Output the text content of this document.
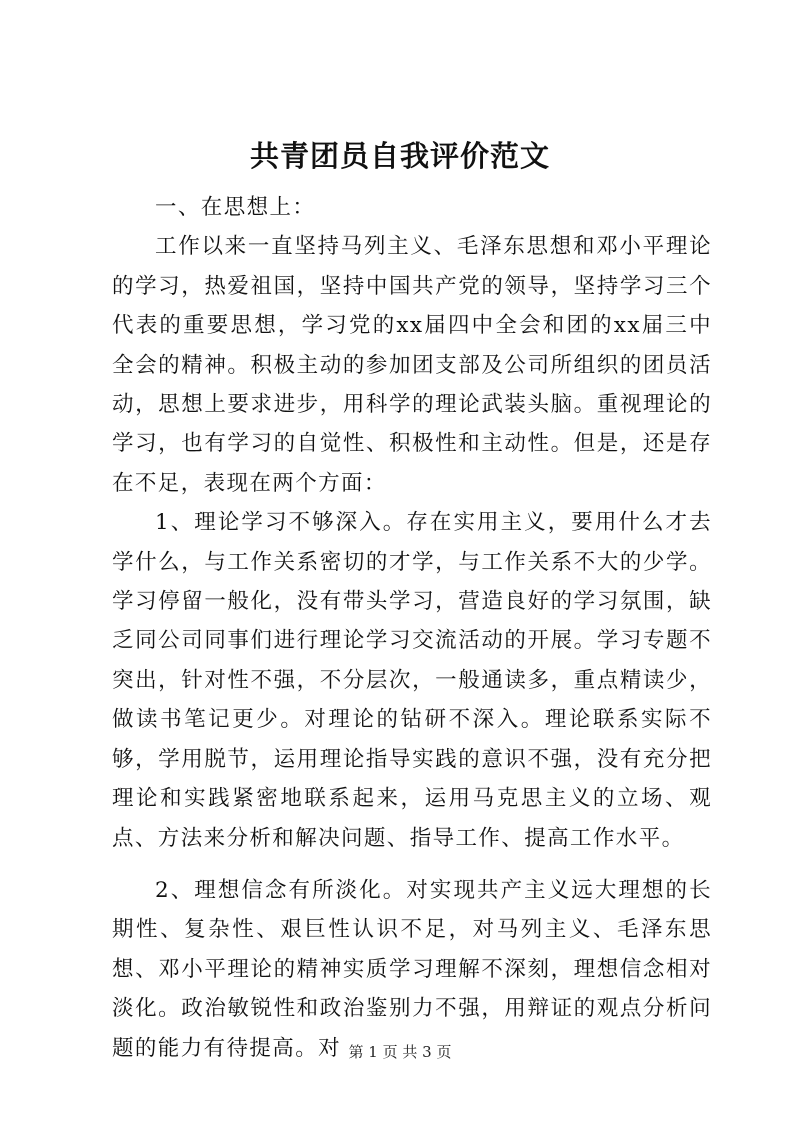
共青团员自我评价范文

一、在思想上：

工作以来一直坚持马列主义、毛泽东思想和邓小平理论的学习，热爱祖国，坚持中国共产党的领导，坚持学习三个代表的重要思想，学习党的xx届四中全会和团的xx届三中全会的精神。积极主动的参加团支部及公司所组织的团员活动，思想上要求进步，用科学的理论武装头脑。重视理论的学习，也有学习的自觉性、积极性和主动性。但是，还是存在不足，表现在两个方面：

1、理论学习不够深入。存在实用主义，要用什么才去学什么，与工作关系密切的才学，与工作关系不大的少学。学习停留一般化，没有带头学习，营造良好的学习氛围，缺乏同公司同事们进行理论学习交流活动的开展。学习专题不突出，针对性不强，不分层次，一般通读多，重点精读少，做读书笔记更少。对理论的钻研不深入。理论联系实际不够，学用脱节，运用理论指导实践的意识不强，没有充分把理论和实践紧密地联系起来，运用马克思主义的立场、观点、方法来分析和解决问题、指导工作、提高工作水平。

2、理想信念有所淡化。对实现共产主义远大理想的长期性、复杂性、艰巨性认识不足，对马列主义、毛泽东思想、邓小平理论的精神实质学习理解不深刻，理想信念相对淡化。政治敏锐性和政治鉴别力不强，用辩证的观点分析问题的能力有待提高。对 第 1 页 共 3 页
